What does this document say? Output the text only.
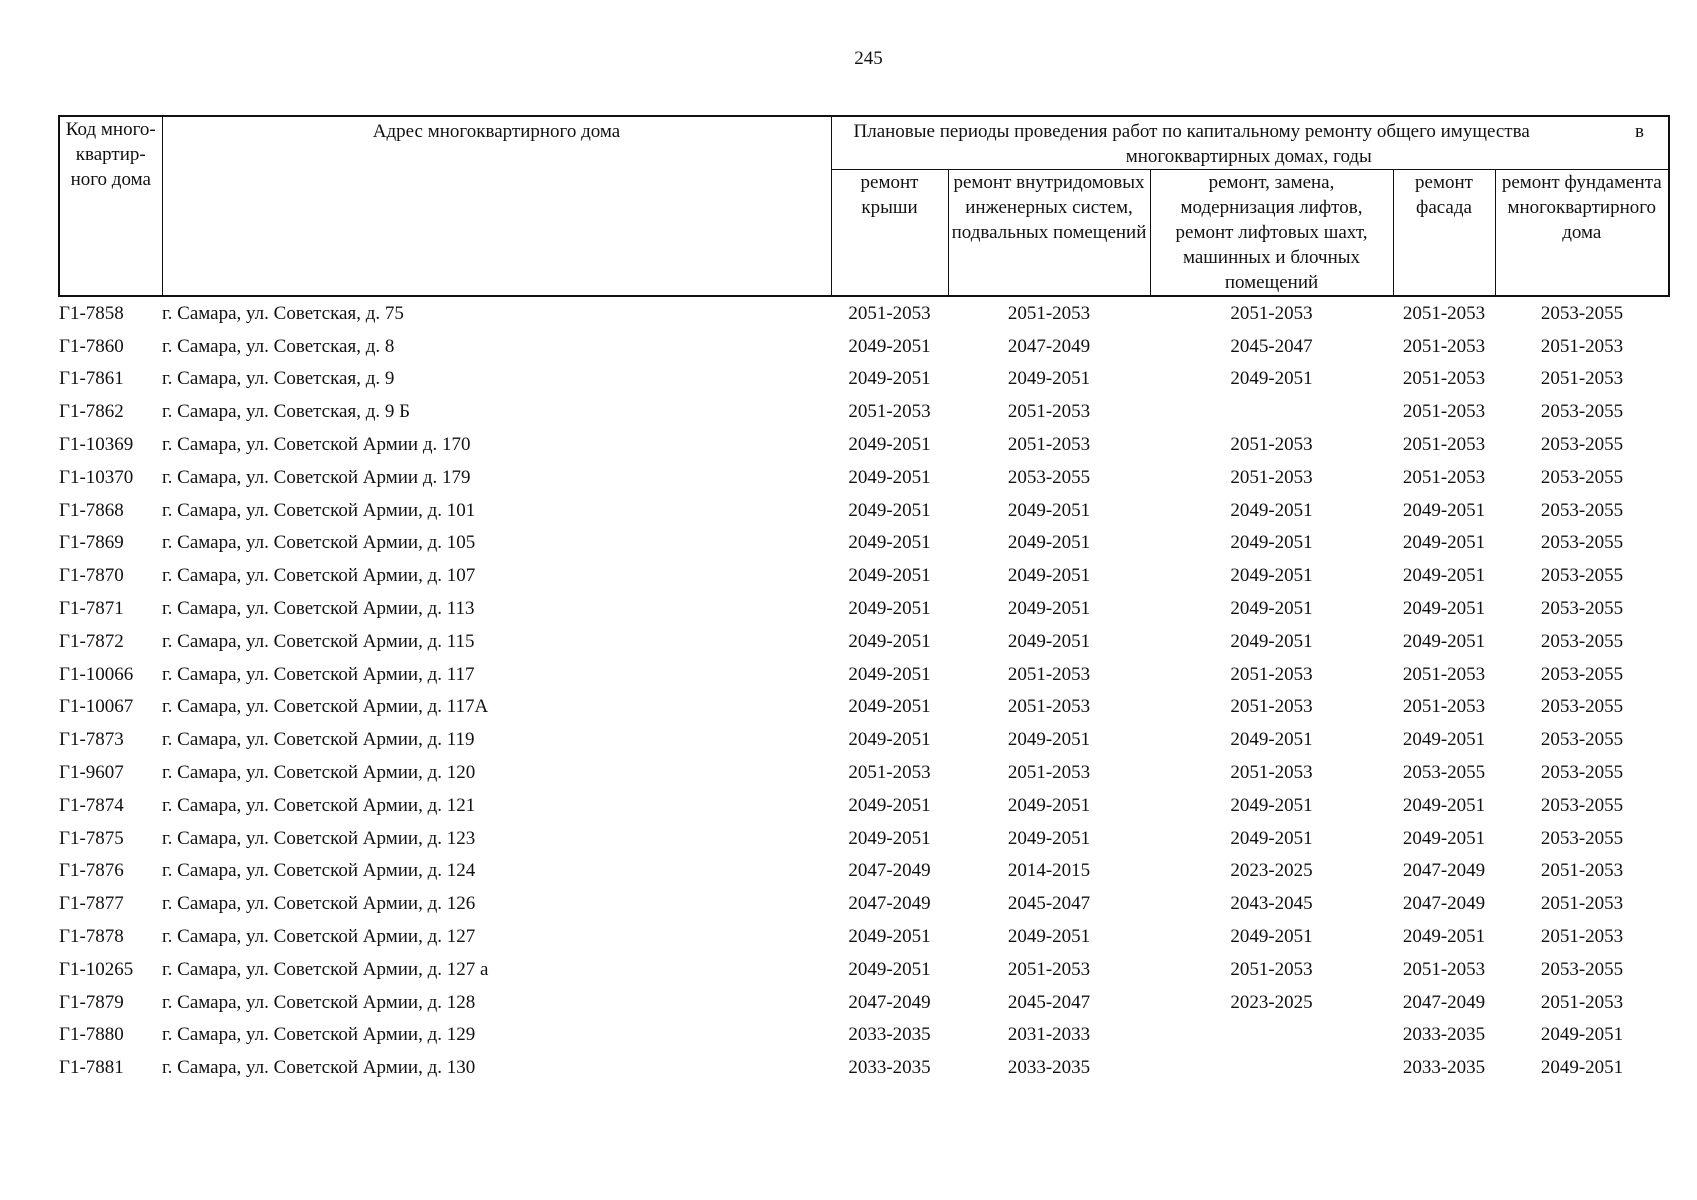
245
Код много-квартир-ного дома	Адрес многоквартирного дома	Плановые периоды проведения работ по капитальному ремонту общего имущества в
многоквартирных домах, годы				

		ремонт крыши	ремонт внутридомовых инженерных систем, подвальных помещений	ремонт, замена, модернизация лифтов, ремонт лифтовых шахт, машинных и блочных помещений	ремонт фасада	ремонт фундамента многоквартирного дома
Г1-7858	г. Самара, ул. Советская, д. 75	2051-2053	2051-2053	2051-2053	2051-2053	2053-2055
Г1-7860	г. Самара, ул. Советская, д. 8	2049-2051	2047-2049	2045-2047	2051-2053	2051-2053
Г1-7861	г. Самара, ул. Советская, д. 9	2049-2051	2049-2051	2049-2051	2051-2053	2051-2053
Г1-7862	г. Самара, ул. Советская, д. 9 Б	2051-2053	2051-2053		2051-2053	2053-2055
Г1-10369	г. Самара, ул. Советской Армии д. 170	2049-2051	2051-2053	2051-2053	2051-2053	2053-2055
Г1-10370	г. Самара, ул. Советской Армии д. 179	2049-2051	2053-2055	2051-2053	2051-2053	2053-2055
Г1-7868	г. Самара, ул. Советской Армии, д. 101	2049-2051	2049-2051	2049-2051	2049-2051	2053-2055
Г1-7869	г. Самара, ул. Советской Армии, д. 105	2049-2051	2049-2051	2049-2051	2049-2051	2053-2055
Г1-7870	г. Самара, ул. Советской Армии, д. 107	2049-2051	2049-2051	2049-2051	2049-2051	2053-2055
Г1-7871	г. Самара, ул. Советской Армии, д. 113	2049-2051	2049-2051	2049-2051	2049-2051	2053-2055
Г1-7872	г. Самара, ул. Советской Армии, д. 115	2049-2051	2049-2051	2049-2051	2049-2051	2053-2055
Г1-10066	г. Самара, ул. Советской Армии, д. 117	2049-2051	2051-2053	2051-2053	2051-2053	2053-2055
Г1-10067	г. Самара, ул. Советской Армии, д. 117А	2049-2051	2051-2053	2051-2053	2051-2053	2053-2055
Г1-7873	г. Самара, ул. Советской Армии, д. 119	2049-2051	2049-2051	2049-2051	2049-2051	2053-2055
Г1-9607	г. Самара, ул. Советской Армии, д. 120	2051-2053	2051-2053	2051-2053	2053-2055	2053-2055
Г1-7874	г. Самара, ул. Советской Армии, д. 121	2049-2051	2049-2051	2049-2051	2049-2051	2053-2055
Г1-7875	г. Самара, ул. Советской Армии, д. 123	2049-2051	2049-2051	2049-2051	2049-2051	2053-2055
Г1-7876	г. Самара, ул. Советской Армии, д. 124	2047-2049	2014-2015	2023-2025	2047-2049	2051-2053
Г1-7877	г. Самара, ул. Советской Армии, д. 126	2047-2049	2045-2047	2043-2045	2047-2049	2051-2053
Г1-7878	г. Самара, ул. Советской Армии, д. 127	2049-2051	2049-2051	2049-2051	2049-2051	2051-2053
Г1-10265	г. Самара, ул. Советской Армии, д. 127 а	2049-2051	2051-2053	2051-2053	2051-2053	2053-2055
Г1-7879	г. Самара, ул. Советской Армии, д. 128	2047-2049	2045-2047	2023-2025	2047-2049	2051-2053
Г1-7880	г. Самара, ул. Советской Армии, д. 129	2033-2035	2031-2033		2033-2035	2049-2051
Г1-7881	г. Самара, ул. Советской Армии, д. 130	2033-2035	2033-2035		2033-2035	2049-2051
